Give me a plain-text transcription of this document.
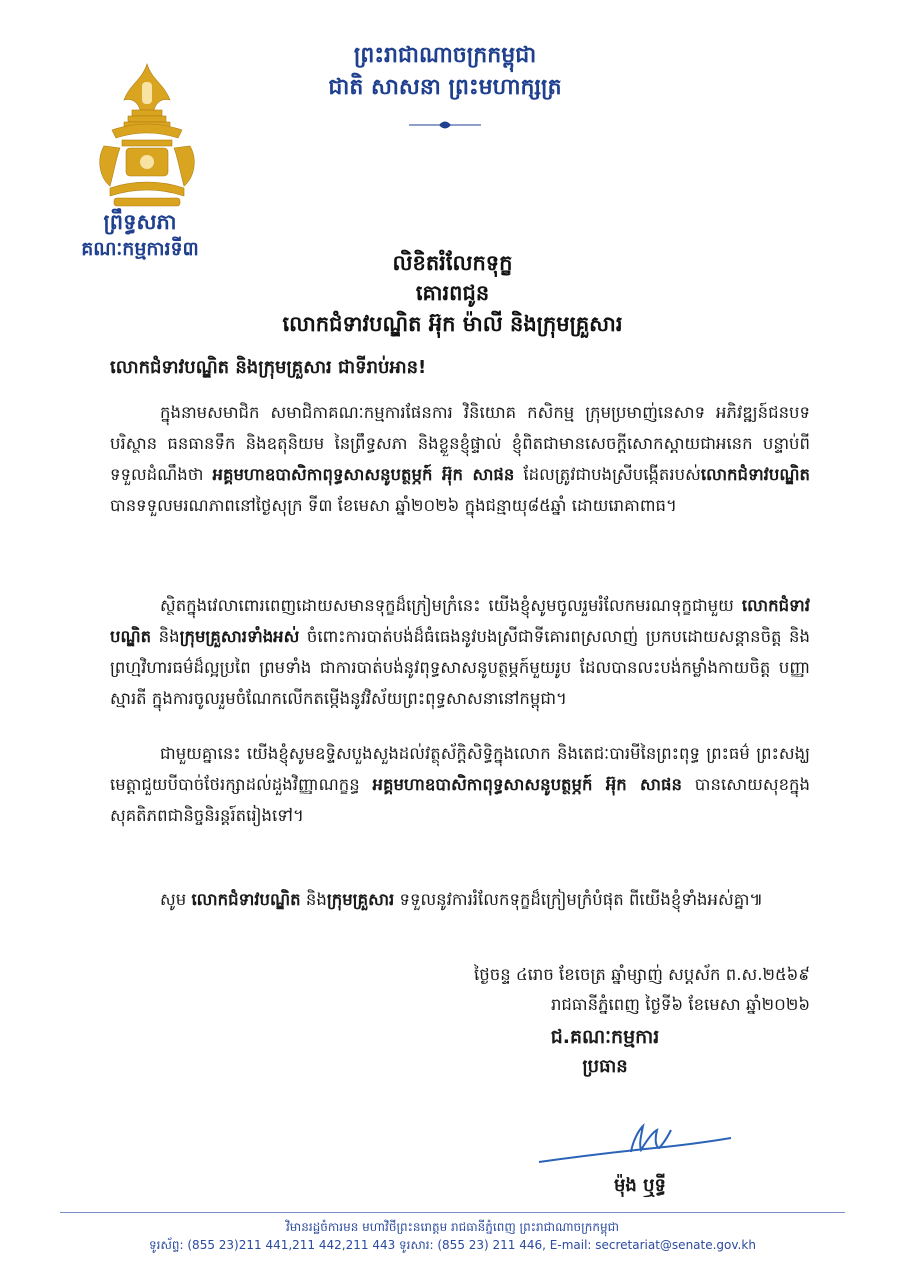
ព្រឹទ្ធសភា
គណៈកម្មការទី៣
ព្រះរាជាណាចក្រកម្ពុជា
ជាតិ សាសនា ព្រះមហាក្សត្រ
លិខិតរំលែកទុក្ខ
គោរពជូន
លោកជំទាវបណ្ឌិត អ៊ុក ម៉ាលី និងក្រុមគ្រួសារ
លោកជំទាវបណ្ឌិត និងក្រុមគ្រួសារ ជាទីរាប់អាន!
ក្នុងនាមសមាជិក សមាជិកាគណៈកម្មការផែនការ វិនិយោគ កសិកម្ម ក្រុមប្រមាញ់នេសាទ អភិវឌ្ឍន៍ជនបទ បរិស្ថាន ធនធានទឹក និងឧតុនិយម នៃព្រឹទ្ធសភា និងខ្លួនខ្ញុំផ្ទាល់ ខ្ញុំពិតជាមានសេចក្តីសោកស្តាយជាអនេក បន្ទាប់ពីទទួលដំណឹងថា អគ្គមហាឧបាសិកាពុទ្ធសាសនូបត្ថម្ភក៍ អ៊ុក សាផន ដែលត្រូវជាបងស្រីបង្កើតរបស់លោកជំទាវបណ្ឌិត បានទទួលមរណភាពនៅថ្ងៃសុក្រ ទី៣ ខែមេសា ឆ្នាំ២០២៦ ក្នុងជន្មាយុ៨៥ឆ្នាំ ដោយរោគាពាធ។
ស្ថិតក្នុងវេលាពោរពេញដោយសមានទុក្ខដ៏ក្រៀមក្រំនេះ យើងខ្ញុំសូមចូលរួមរំលែកមរណទុក្ខជាមួយ លោកជំទាវបណ្ឌិត និងក្រុមគ្រួសារទាំងអស់ ចំពោះការបាត់បង់ដ៏ធំធេងនូវបងស្រីជាទីគោរពស្រលាញ់ ប្រកបដោយសន្តានចិត្ត និងព្រហ្មវិហារធម៌ដ៏ល្អប្រពៃ ព្រមទាំង ជាការបាត់បង់នូវពុទ្ធសាសនូបត្ថម្ភក៍មួយរូប ដែលបានលះបង់កម្លាំងកាយចិត្ត បញ្ញាស្មារតី ក្នុងការចូលរួមចំណែកលើកតម្កើងនូវវិស័យព្រះពុទ្ធសាសនានៅកម្ពុជា។
ជាមួយគ្នានេះ យើងខ្ញុំសូមឧទ្ទិសបួងសួងដល់វត្ថុស័ក្តិសិទ្ធិក្នុងលោក និងតេជៈបារមីនៃព្រះពុទ្ធ ព្រះធម៌ ព្រះសង្ឃ មេត្តាជួយបីបាច់ថែរក្សាដល់ដួងវិញ្ញាណក្ខន្ធ អគ្គមហាឧបាសិកាពុទ្ធសាសនូបត្ថម្ភក៍ អ៊ុក សាផន បានសោយសុខក្នុងសុគតិភពជានិច្ចនិរន្តរ៍តរៀងទៅ។
សូម លោកជំទាវបណ្ឌិត និងក្រុមគ្រួសារ ទទួលនូវការរំលែកទុក្ខដ៏ក្រៀមក្រំបំផុត ពីយើងខ្ញុំទាំងអស់គ្នា៕
ថ្ងៃចន្ទ ៤រោច ខែចេត្រ ឆ្នាំម្សាញ់ សប្តស័ក ព.ស.២៥៦៩
រាជធានីភ្នំពេញ ថ្ងៃទី៦ ខែមេសា ឆ្នាំ២០២៦
ជ.គណៈកម្មការ
ប្រធាន
ម៉ុង ឬទ្ធី
វិមានរដ្ឋចំការមន មហាវិថីព្រះនរោត្តម រាជធានីភ្នំពេញ ព្រះរាជាណាចក្រកម្ពុជា
ទូរស័ព្ទ: (855 23)211 441,211 442,211 443 ទូរសារ: (855 23) 211 446, E-mail: secretariat@senate.gov.kh
